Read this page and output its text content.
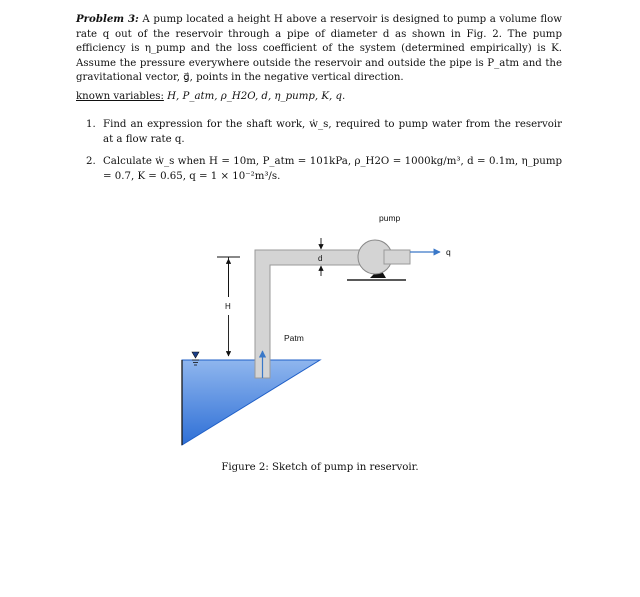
Problem 3: A pump located a height H above a reservoir is designed to pump a volume flow rate q out of the reservoir through a pipe of diameter d as shown in Fig. 2. The pump efficiency is η_pump and the loss coefficient of the system (determined empirically) is K. Assume the pressure everywhere outside the reservoir and outside the pipe is P_atm and the gravitational vector, g⃗, points in the negative vertical direction.
known variables: H, P_atm, ρ_H2O, d, η_pump, K, q.
1. Find an expression for the shaft work, ẇ_s, required to pump water from the reservoir at a flow rate q.
2. Calculate ẇ_s when H = 10m, P_atm = 101kPa, ρ_H2O = 1000kg/m³, d = 0.1m, η_pump = 0.7, K = 0.65, q = 1 × 10⁻²m³/s.
pump
q
d
H
Patm
Figure 2: Sketch of pump in reservoir.
